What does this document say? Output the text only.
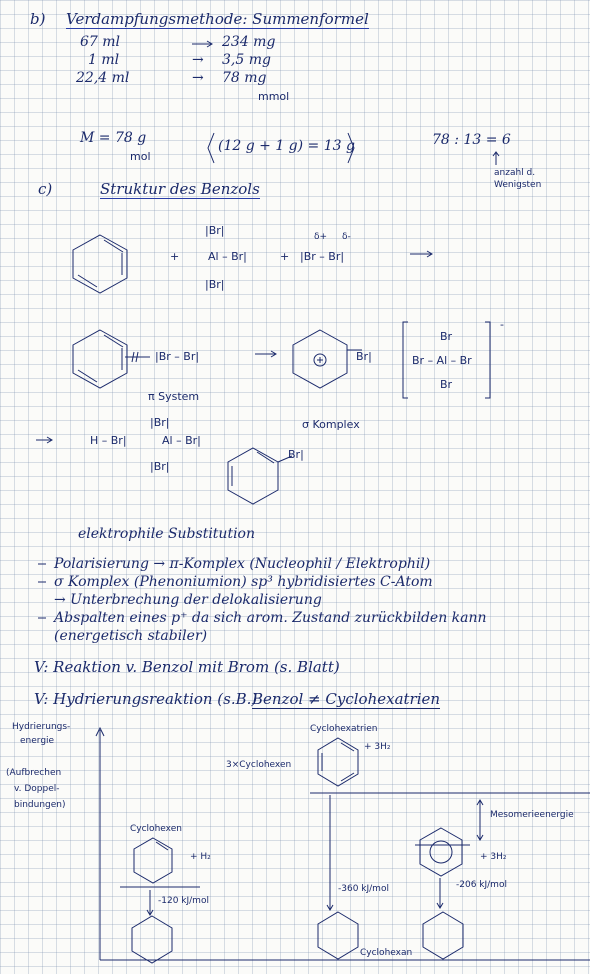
b) Verdampfungsmethode: Summenformel
67 ml	234 mg
1 ml	→ 3,5 mg
22,4 ml	→ 78 mg
mmol
M = 78 g
mol
(12 g + 1 g) = 13 g	78 : 13 = 6
anzahl d.
Wenigsten
c)	Struktur des Benzols
+
|Br|
Al – Br|
|Br|
+
δ+ δ-
|Br – Br|
|Br – Br|
π System
Br|
σ Komplex
Br
Br – Al – Br
Br
-
H – Br|
|Br|
Al – Br|
|Br|
Br|
elektrophile Substitution
Polarisierung → π-Komplex (Nucleophil / Elektrophil)
σ Komplex (Phenoniumion) sp³ hybridisiertes C-Atom
→ Unterbrechung der delokalisierung
Abspalten eines p⁺ da sich arom. Zustand zurückbilden kann
(energetisch stabiler)
V: Reaktion v. Benzol mit Brom (s. Blatt)
V: Hydrierungsreaktion (s.B.)
Benzol ≠ Cyclohexatrien
Hydrierungs-
energie
(Aufbrechen
v. Doppel-
bindungen)
Cyclohexatrien
+ 3H₂
3×Cyclohexen
Mesomerieenergie
+ 3H₂
Cyclohexen
+ H₂
-120 kJ/mol
-360 kJ/mol	-206 kJ/mol
Cyclohexan
